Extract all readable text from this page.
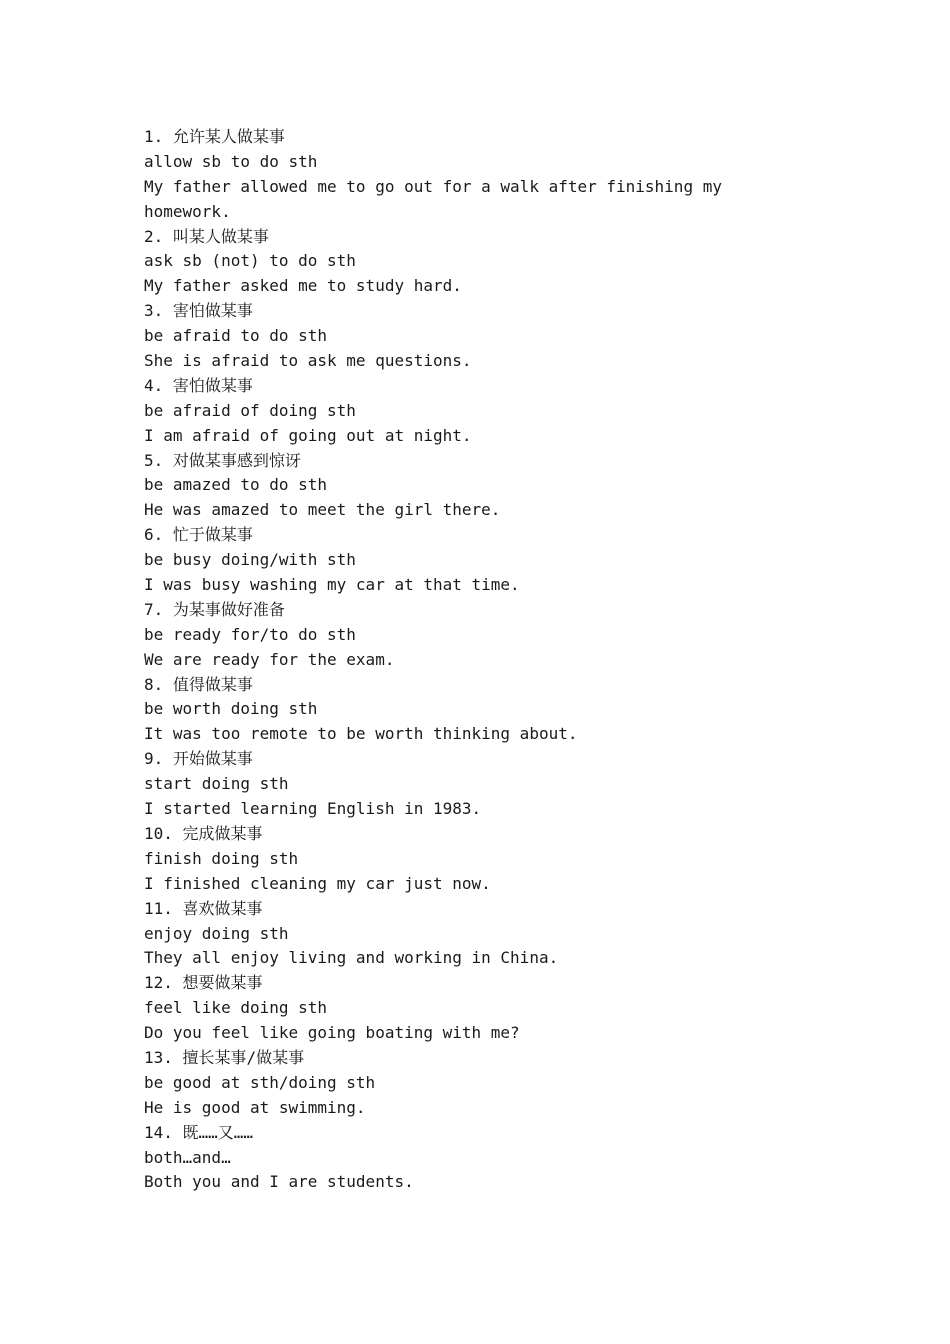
1. 允许某人做某事
allow sb to do sth
My father allowed me to go out for a walk after finishing my
homework.
2. 叫某人做某事
ask sb (not) to do sth
My father asked me to study hard.
3. 害怕做某事
be afraid to do sth
She is afraid to ask me questions.
4. 害怕做某事
be afraid of doing sth
I am afraid of going out at night.
5. 对做某事感到惊讶
be amazed to do sth
He was amazed to meet the girl there.
6. 忙于做某事
be busy doing/with sth
I was busy washing my car at that time.
7. 为某事做好准备
be ready for/to do sth
We are ready for the exam.
8. 值得做某事
be worth doing sth
It was too remote to be worth thinking about.
9. 开始做某事
start doing sth
I started learning English in 1983.
10. 完成做某事
finish doing sth
I finished cleaning my car just now.
11. 喜欢做某事
enjoy doing sth
They all enjoy living and working in China.
12. 想要做某事
feel like doing sth
Do you feel like going boating with me?
13. 擅长某事/做某事
be good at sth/doing sth
He is good at swimming.
14. 既……又……
both…and…
Both you and I are students.
